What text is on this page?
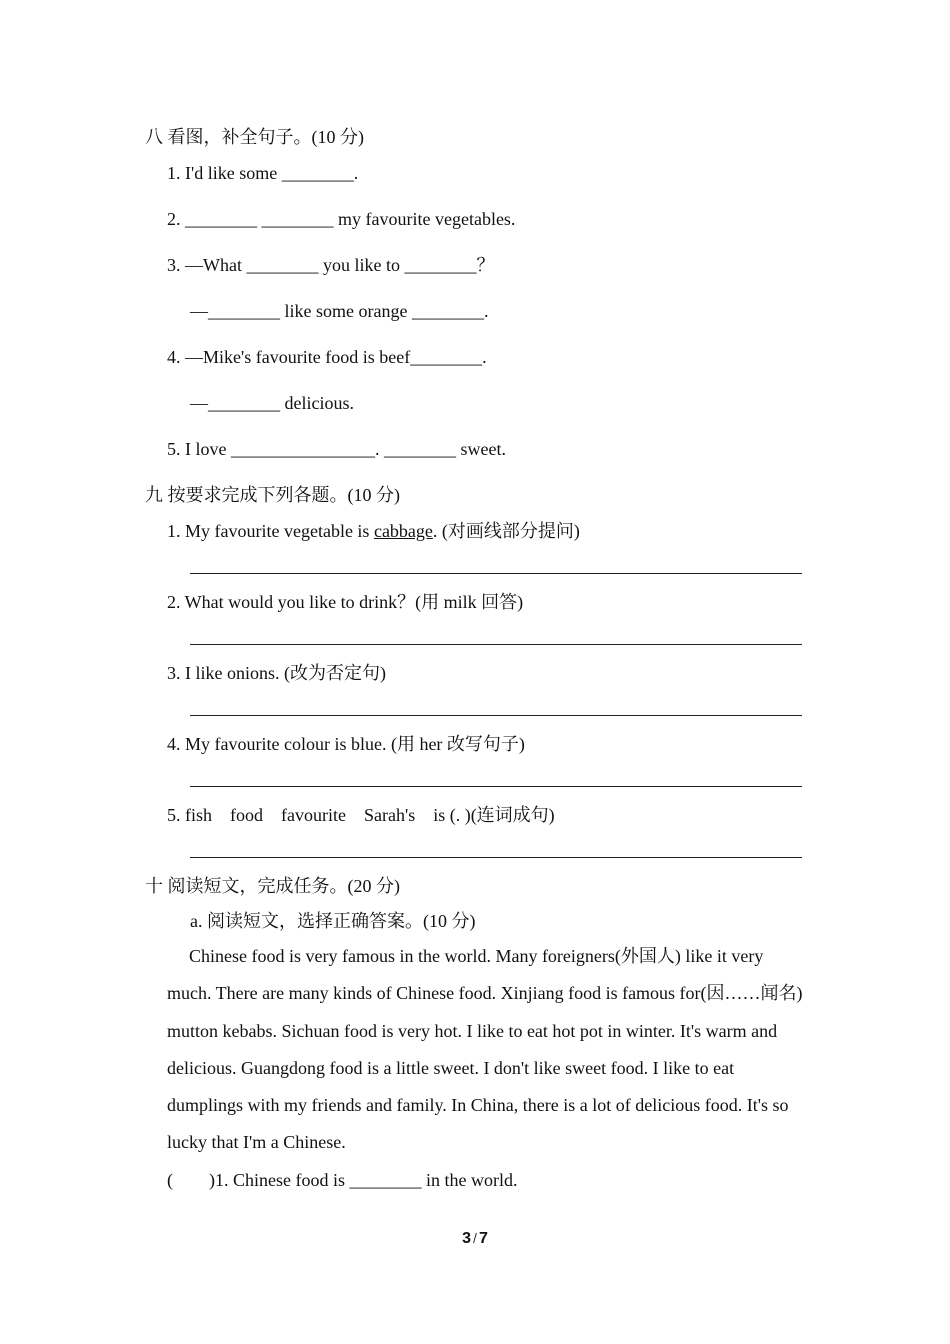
八 看图，补全句子。(10 分)
1. I'd like some ________.
2. ________ ________ my favourite vegetables.
3. —What ________ you like to ________？
—________ like some orange ________.
4. —Mike's favourite food is beef________.
—________ delicious.
5. I love ________________. ________ sweet.
九 按要求完成下列各题。(10 分)
1. My favourite vegetable is cabbage. (对画线部分提问)
2. What would you like to drink？(用 milk 回答)
3. I like onions. (改为否定句)
4. My favourite colour is blue. (用 her 改写句子)
5. fish    food    favourite    Sarah's    is (. )(连词成句)
十 阅读短文，完成任务。(20 分)
a. 阅读短文，选择正确答案。(10 分)
Chinese food is very famous in the world. Many foreigners(外国人) like it very much. There are many kinds of Chinese food. Xinjiang food is famous for(因……闻名) mutton kebabs. Sichuan food is very hot. I like to eat hot pot in winter. It's warm and delicious. Guangdong food is a little sweet. I don't like sweet food. I like to eat dumplings with my friends and family. In China, there is a lot of delicious food. It's so lucky that I'm a Chinese.
(        )1. Chinese food is ________ in the world.
3 / 7
